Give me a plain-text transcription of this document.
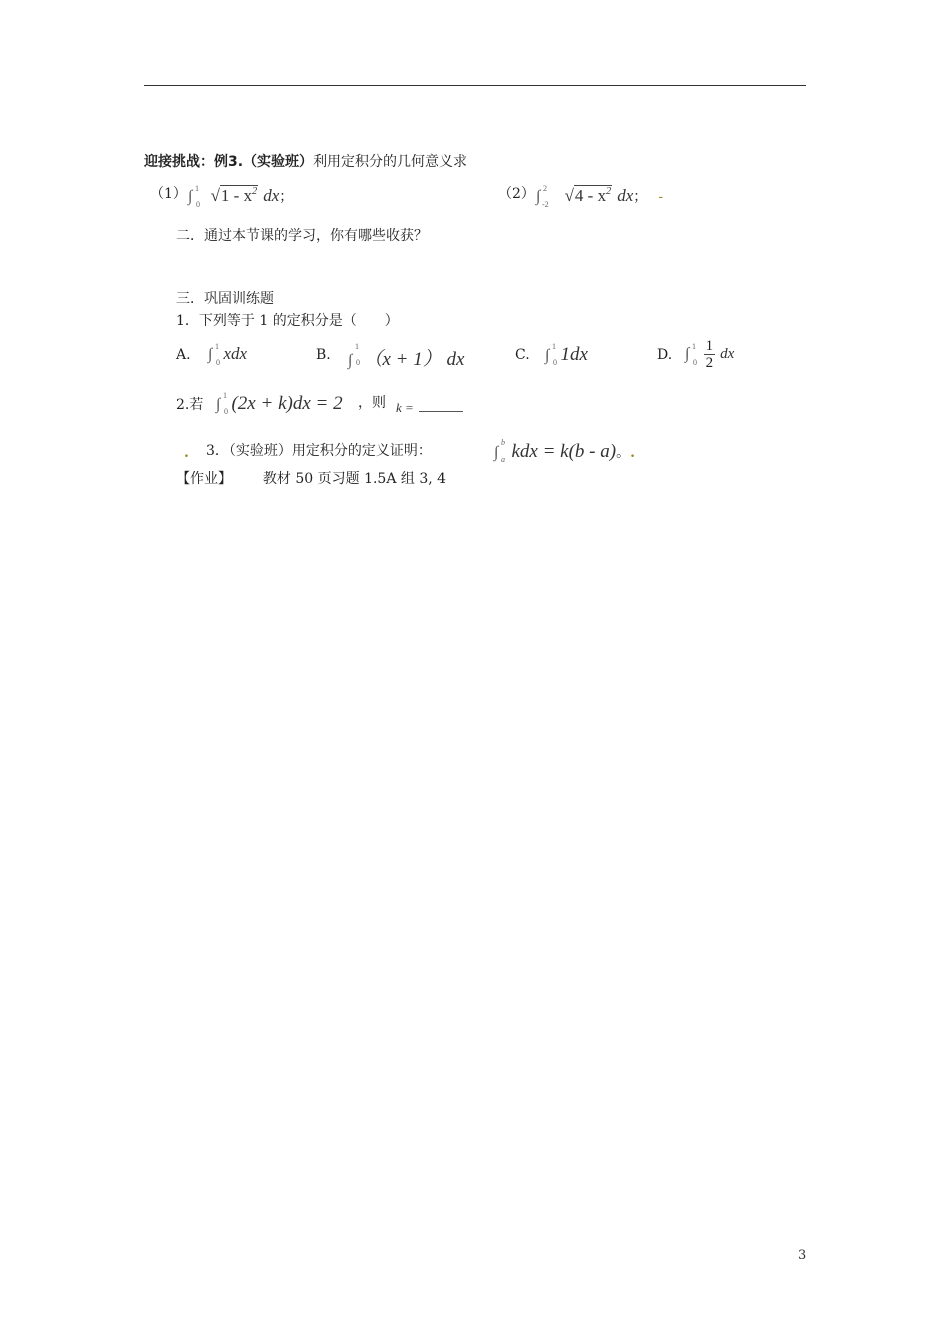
迎接挑战：例3.（实验班）利用定积分的几何意义求
（1） ∫ 1
0 $√1 - x^2$ dx；	（2） ∫ 2
-2 $√4 - x^2$ dx； -
二．通过本节课的学习，你有哪些收获？
三．巩固训练题
1．下列等于 1 的定积分是（　　）
A. ∫ 1
0 xdx	B. ∫
1
0 （x + 1） dx	C. ∫
1
0 1dx	D. ∫ 1
0
$\frac{1}{2}$ dx
2.若 ∫
1
0 (2x + k)dx = 2 ，则 k =
. 3．（实验班）用定积分的定义证明：	∫
b
a kdx = k(b - a)。.
【作业】 教材 50 页习题 1.5A 组 3, 4
3
